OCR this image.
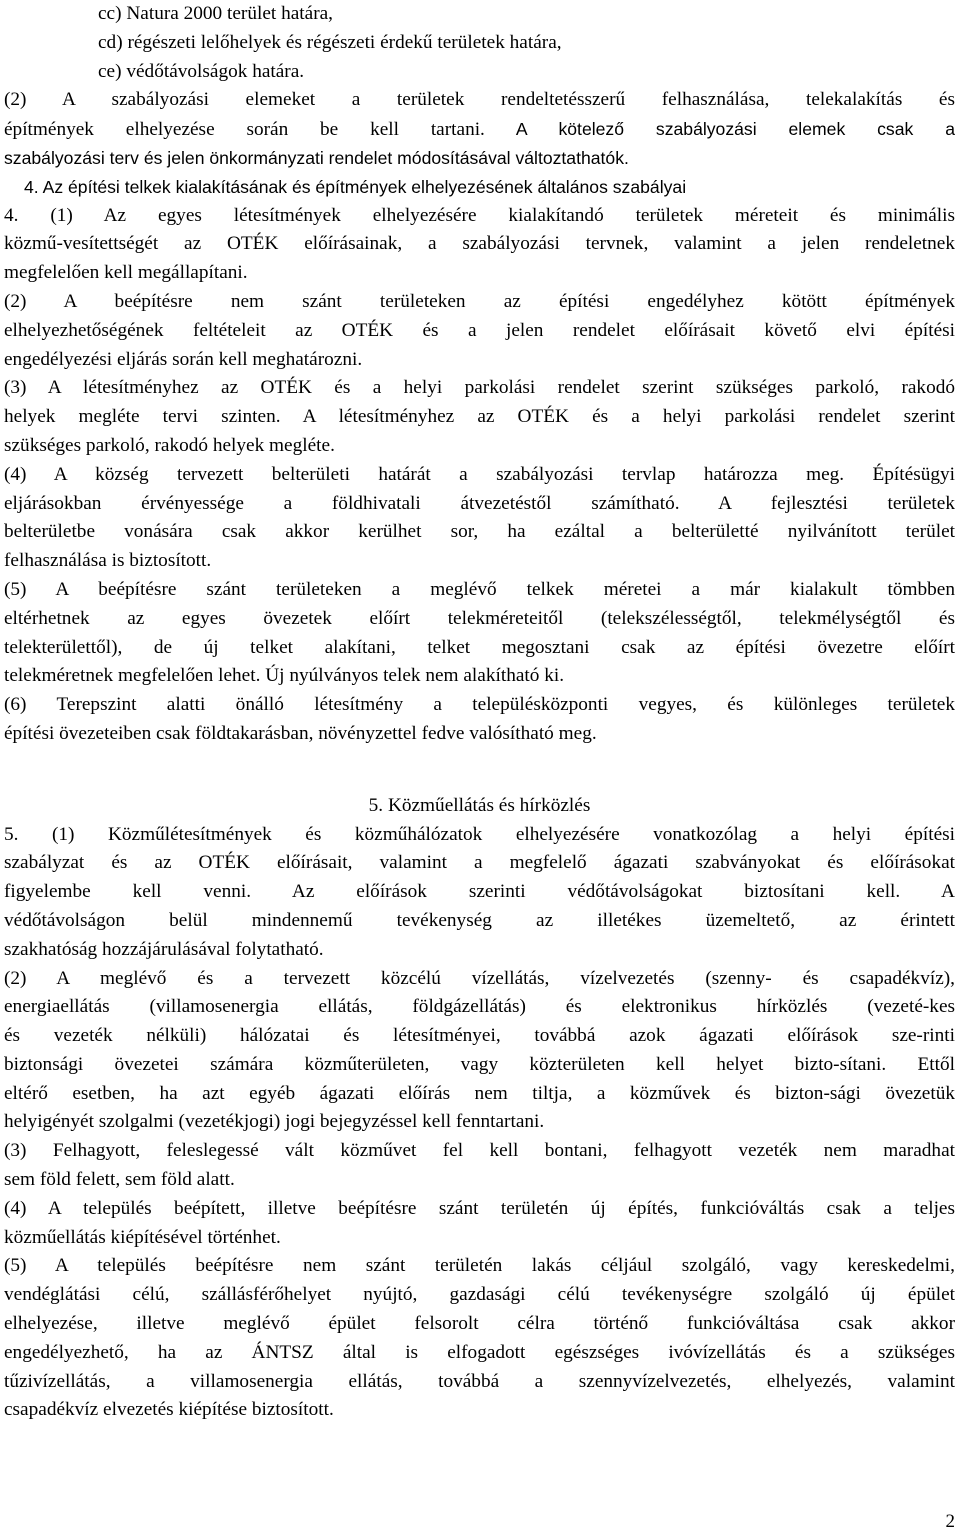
cc) Natura 2000 terület határa,
cd) régészeti lelőhelyek és régészeti érdekű területek határa,
ce) védőtávolságok határa.
(2) A szabályozási elemeket a területek rendeltetésszerű felhasználása, telekalakítás és
építmények elhelyezése során be kell tartani. A kötelező szabályozási elemek csak a
szabályozási terv és jelen önkormányzati rendelet módosításával változtathatók.
4. Az építési telkek kialakításának és építmények elhelyezésének általános szabályai
4. (1) Az egyes létesítmények elhelyezésére kialakítandó területek méreteit és minimális
közmű-vesítettségét az OTÉK előírásainak, a szabályozási tervnek, valamint a jelen rendeletnek
megfelelően kell megállapítani.
(2) A beépítésre nem szánt területeken az építési engedélyhez kötött építmények
elhelyezhetőségének feltételeit az OTÉK és a jelen rendelet előírásait követő elvi építési
engedélyezési eljárás során kell meghatározni.
(3) A létesítményhez az OTÉK és a helyi parkolási rendelet szerint szükséges parkoló, rakodó
helyek megléte tervi szinten. A létesítményhez az OTÉK és a helyi parkolási rendelet szerint
szükséges parkoló, rakodó helyek megléte.
(4) A község tervezett belterületi határát a szabályozási tervlap határozza meg. Építésügyi
eljárásokban érvényessége a földhivatali átvezetéstől számítható. A fejlesztési területek
belterületbe vonására csak akkor kerülhet sor, ha ezáltal a belterületté nyilvánított terület
felhasználása is biztosított.
(5) A beépítésre szánt területeken a meglévő telkek méretei a már kialakult tömbben
eltérhetnek az egyes övezetek előírt telekméreteitől (telekszélességtől, telekmélységtől és
telekterülettől), de új telket alakítani, telket megosztani csak az építési övezetre előírt
telekméretnek megfelelően lehet. Új nyúlványos telek nem alakítható ki.
(6) Terepszint alatti önálló létesítmény a településközponti vegyes, és különleges területek
építési övezeteiben csak földtakarásban, növényzettel fedve valósítható meg.
5. Közműellátás és hírközlés
5. (1) Közműlétesítmények és közműhálózatok elhelyezésére vonatkozólag a helyi építési
szabályzat és az OTÉK előírásait, valamint a megfelelő ágazati szabványokat és előírásokat
figyelembe kell venni. Az előírások szerinti védőtávolságokat biztosítani kell. A
védőtávolságon belül mindennemű tevékenység az illetékes üzemeltető, az érintett
szakhatóság hozzájárulásával folytatható.
(2) A meglévő és a tervezett közcélú vízellátás, vízelvezetés (szenny- és csapadékvíz),
energiaellátás (villamosenergia ellátás, földgázellátás) és elektronikus hírközlés (vezeté-kes
és vezeték nélküli) hálózatai és létesítményei, továbbá azok ágazati előírások sze-rinti
biztonsági övezetei számára közműterületen, vagy közterületen kell helyet bizto-sítani. Ettől
eltérő esetben, ha azt egyéb ágazati előírás nem tiltja, a közművek és bizton-sági övezetük
helyigényét szolgalmi (vezetékjogi) jogi bejegyzéssel kell fenntartani.
(3) Felhagyott, feleslegessé vált közművet fel kell bontani, felhagyott vezeték nem maradhat
sem föld felett, sem föld alatt.
(4) A település beépített, illetve beépítésre szánt területén új építés, funkcióváltás csak a teljes
közműellátás kiépítésével történhet.
(5) A település beépítésre nem szánt területén lakás céljául szolgáló, vagy kereskedelmi,
vendéglátási célú, szállásférőhelyet nyújtó, gazdasági célú tevékenységre szolgáló új épület
elhelyezése, illetve meglévő épület felsorolt célra történő funkcióváltása csak akkor
engedélyezhető, ha az ÁNTSZ által is elfogadott egészséges ivóvízellátás és a szükséges
tűzivízellátás, a villamosenergia ellátás, továbbá a szennyvízelvezetés, elhelyezés, valamint
csapadékvíz elvezetés kiépítése biztosított.
2
